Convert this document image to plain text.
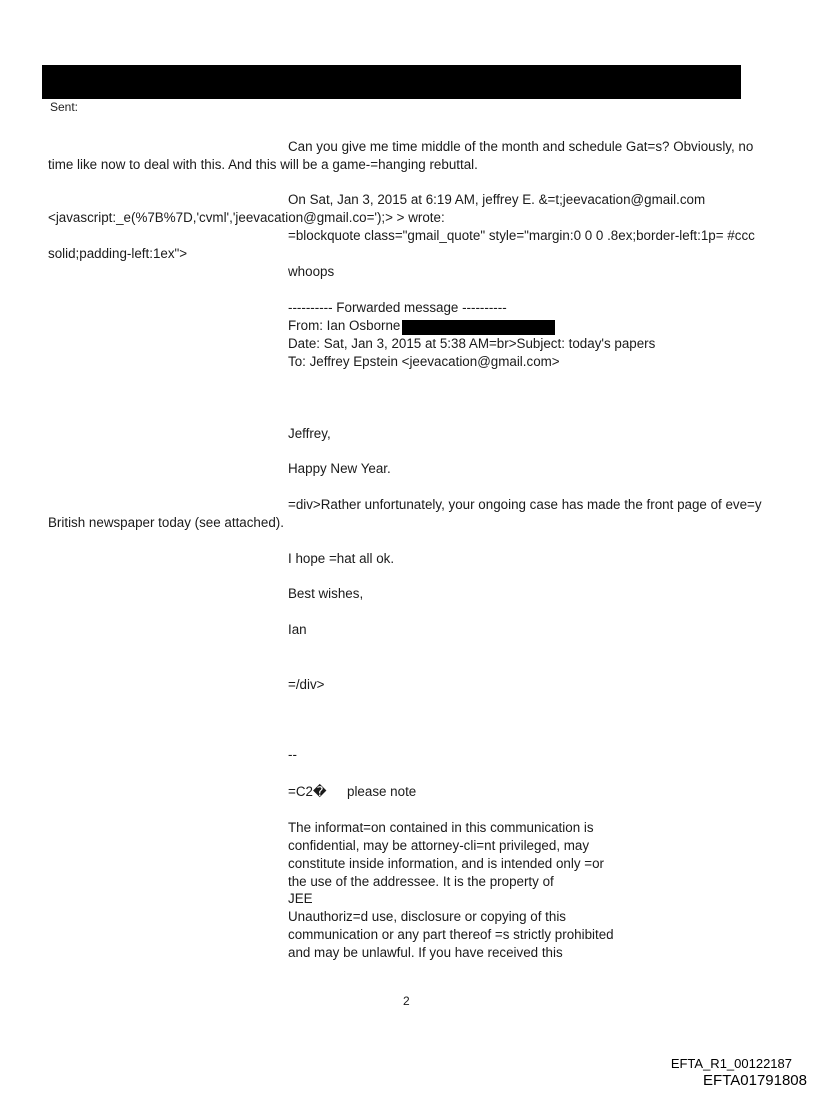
Sent:
Can you give me time middle of the month and schedule Gat=s? Obviously, no
time like now to deal with this. And this will be a game-=hanging rebuttal.
On Sat, Jan 3, 2015 at 6:19 AM, jeffrey E. &=t;jeevacation@gmail.com
<javascript:_e(%7B%7D,'cvml','jeevacation@gmail.co=');> > wrote:
=blockquote class="gmail_quote" style="margin:0 0 0 .8ex;border-left:1p= #ccc
solid;padding-left:1ex">
whoops
---------- Forwarded message ----------
From: Ian Osborne
Date: Sat, Jan 3, 2015 at 5:38 AM=br>Subject: today's papers
To: Jeffrey Epstein <jeevacation@gmail.com>
Jeffrey,
Happy New Year.
=div>Rather unfortunately, your ongoing case has made the front page of eve=y
British newspaper today (see attached).
I hope =hat all ok.
Best wishes,
Ian
=/div>
--
=C2� please note
The informat=on contained in this communication is
confidential, may be attorney-cli=nt privileged, may
constitute inside information, and is intended only =or
the use of the addressee. It is the property of
JEE
Unauthoriz=d use, disclosure or copying of this
communication or any part thereof =s strictly prohibited
and may be unlawful. If you have received this
2
EFTA_R1_00122187
EFTA01791808
